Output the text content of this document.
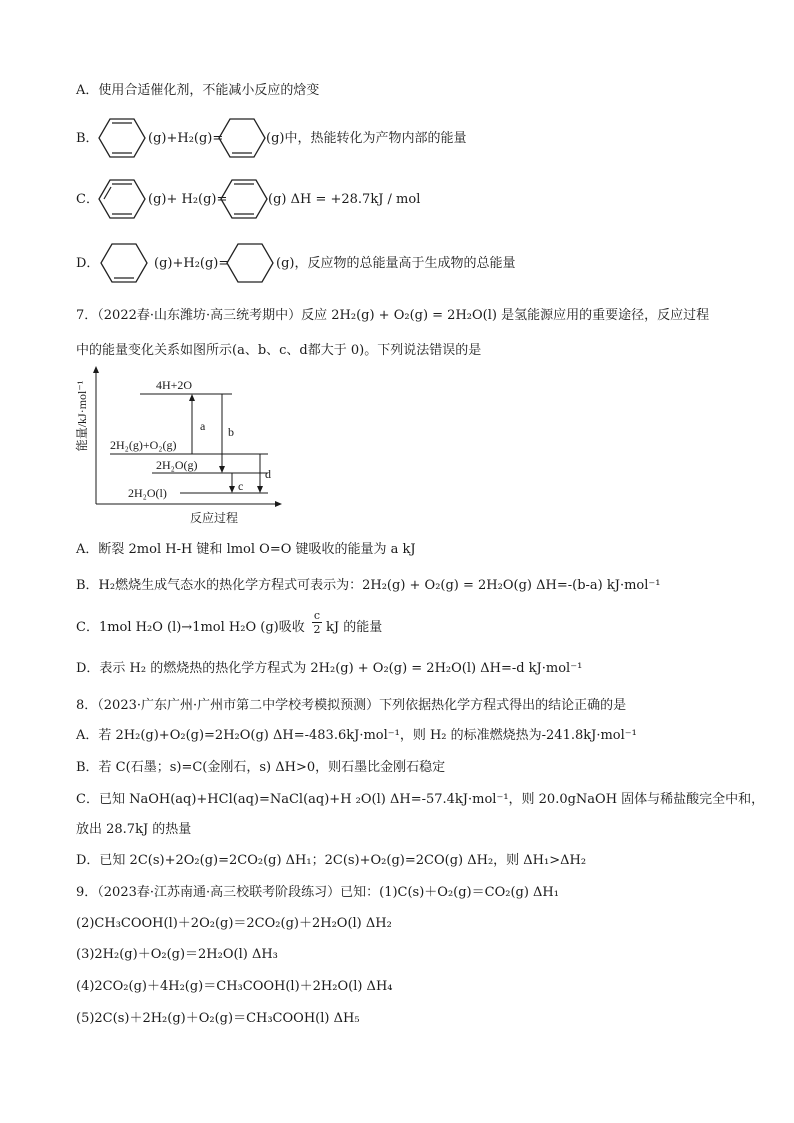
A．使用合适催化剂，不能减小反应的焓变
B．	(g)+H₂(g)=	(g)中，热能转化为产物内部的能量
C．	(g)+ H₂(g)=	(g) ΔH = +28.7kJ / mol
D．	(g)+H₂(g)=	(g)，反应物的总能量高于生成物的总能量
7．（2022春·山东潍坊·高三统考期中）反应 2H₂(g) + O₂(g) = 2H₂O(l) 是氢能源应用的重要途径，反应过程
中的能量变化关系如图所示(a、b、c、d都大于 0)。下列说法错误的是
能量/kJ·mol⁻¹
反应过程
4H+2O
2H₂(g)+O₂(g)
2H₂O(g)
2H₂O(l)
a b
c
d
A．断裂 2mol H-H 键和 lmol O=O 键吸收的能量为 a kJ
B．H₂燃烧生成气态水的热化学方程式可表示为：2H₂(g) + O₂(g) = 2H₂O(g) ΔH=-(b-a) kJ·mol⁻¹
C．1mol H₂O (l)→1mol H₂O (g)吸收 $\frac{c}{2}$ kJ 的能量
D．表示 H₂ 的燃烧热的热化学方程式为 2H₂(g) + O₂(g) = 2H₂O(l) ΔH=-d kJ·mol⁻¹
8．（2023·广东广州·广州市第二中学校考模拟预测）下列依据热化学方程式得出的结论正确的是
A．若 2H₂(g)+O₂(g)=2H₂O(g) ΔH=-483.6kJ·mol⁻¹，则 H₂ 的标准燃烧热为-241.8kJ·mol⁻¹
B．若 C(石墨；s)=C(金刚石，s) ΔH>0，则石墨比金刚石稳定
C．已知 NaOH(aq)+HCl(aq)=NaCl(aq)+H ₂O(l) ΔH=-57.4kJ·mol⁻¹，则 20.0gNaOH 固体与稀盐酸完全中和，
放出 28.7kJ 的热量
D．已知 2C(s)+2O₂(g)=2CO₂(g) ΔH₁；2C(s)+O₂(g)=2CO(g) ΔH₂，则 ΔH₁>ΔH₂
9．（2023春·江苏南通·高三校联考阶段练习）已知：(1)C(s)＋O₂(g)＝CO₂(g) ΔH₁
(2)CH₃COOH(l)＋2O₂(g)＝2CO₂(g)＋2H₂O(l) ΔH₂
(3)2H₂(g)＋O₂(g)＝2H₂O(l) ΔH₃
(4)2CO₂(g)＋4H₂(g)＝CH₃COOH(l)＋2H₂O(l) ΔH₄
(5)2C(s)＋2H₂(g)＋O₂(g)＝CH₃COOH(l) ΔH₅
